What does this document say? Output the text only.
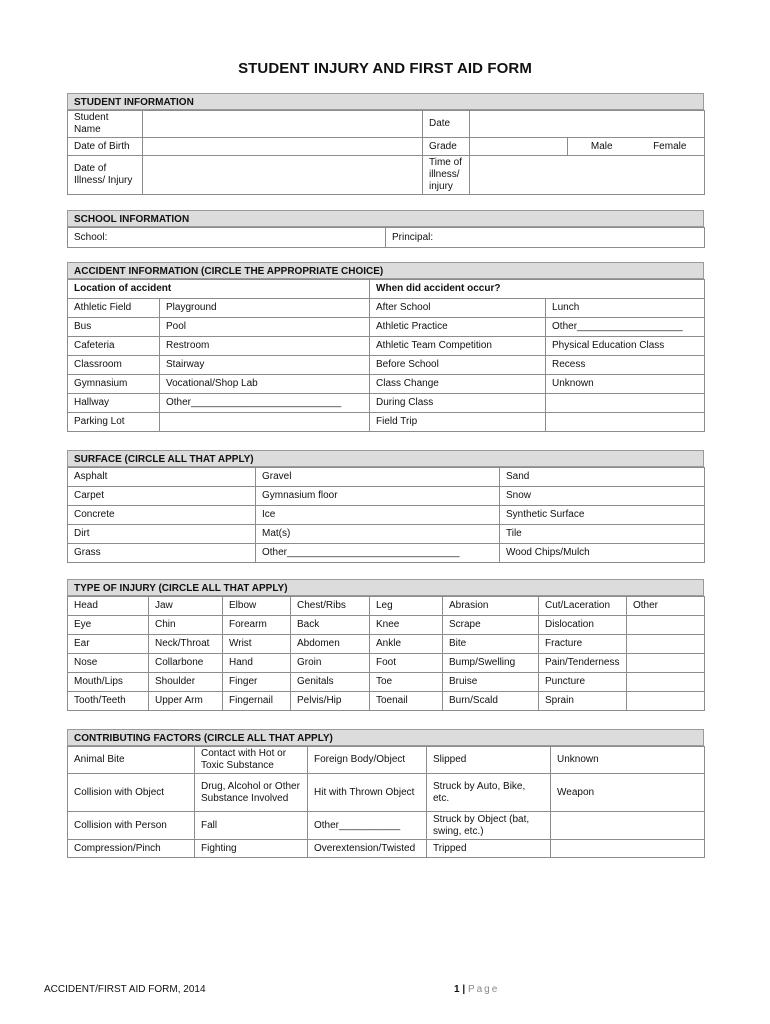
STUDENT INJURY AND FIRST AID FORM
STUDENT INFORMATION
Student Name		Date			
Date of Birth		Grade		Male	Female
Date of Illness/ Injury		Time of illness/ injury			
SCHOOL INFORMATION
School:	Principal:
ACCIDENT INFORMATION (CIRCLE THE APPROPRIATE CHOICE)
Location of accident		When did accident occur?	
Athletic Field	Playground	After School	Lunch
Bus	Pool	Athletic Practice	Other___________________
Cafeteria	Restroom	Athletic Team Competition	Physical Education Class
Classroom	Stairway	Before School	Recess
Gymnasium	Vocational/Shop Lab	Class Change	Unknown
Hallway	Other___________________________	During Class	
Parking Lot		Field Trip	
SURFACE (CIRCLE ALL THAT APPLY)
Asphalt	Gravel	Sand
Carpet	Gymnasium floor	Snow
Concrete	Ice	Synthetic Surface
Dirt	Mat(s)	Tile
Grass	Other_______________________________	Wood Chips/Mulch
TYPE OF INJURY (CIRCLE ALL THAT APPLY)
Head	Jaw	Elbow	Chest/Ribs	Leg	Abrasion	Cut/Laceration	Other
Eye	Chin	Forearm	Back	Knee	Scrape	Dislocation	
Ear	Neck/Throat	Wrist	Abdomen	Ankle	Bite	Fracture	
Nose	Collarbone	Hand	Groin	Foot	Bump/Swelling	Pain/Tenderness	
Mouth/Lips	Shoulder	Finger	Genitals	Toe	Bruise	Puncture	
Tooth/Teeth	Upper Arm	Fingernail	Pelvis/Hip	Toenail	Burn/Scald	Sprain	
CONTRIBUTING FACTORS (CIRCLE ALL THAT APPLY)
Animal Bite	Contact with Hot or Toxic Substance	Foreign Body/Object	Slipped	Unknown
Collision with Object	Drug, Alcohol or Other Substance Involved	Hit with Thrown Object	Struck by Auto, Bike, etc.	Weapon
Collision with Person	Fall	Other___________	Struck by Object (bat, swing, etc.)	
Compression/Pinch	Fighting	Overextension/Twisted	Tripped	
ACCIDENT/FIRST AID FORM, 2014	1 | Page
